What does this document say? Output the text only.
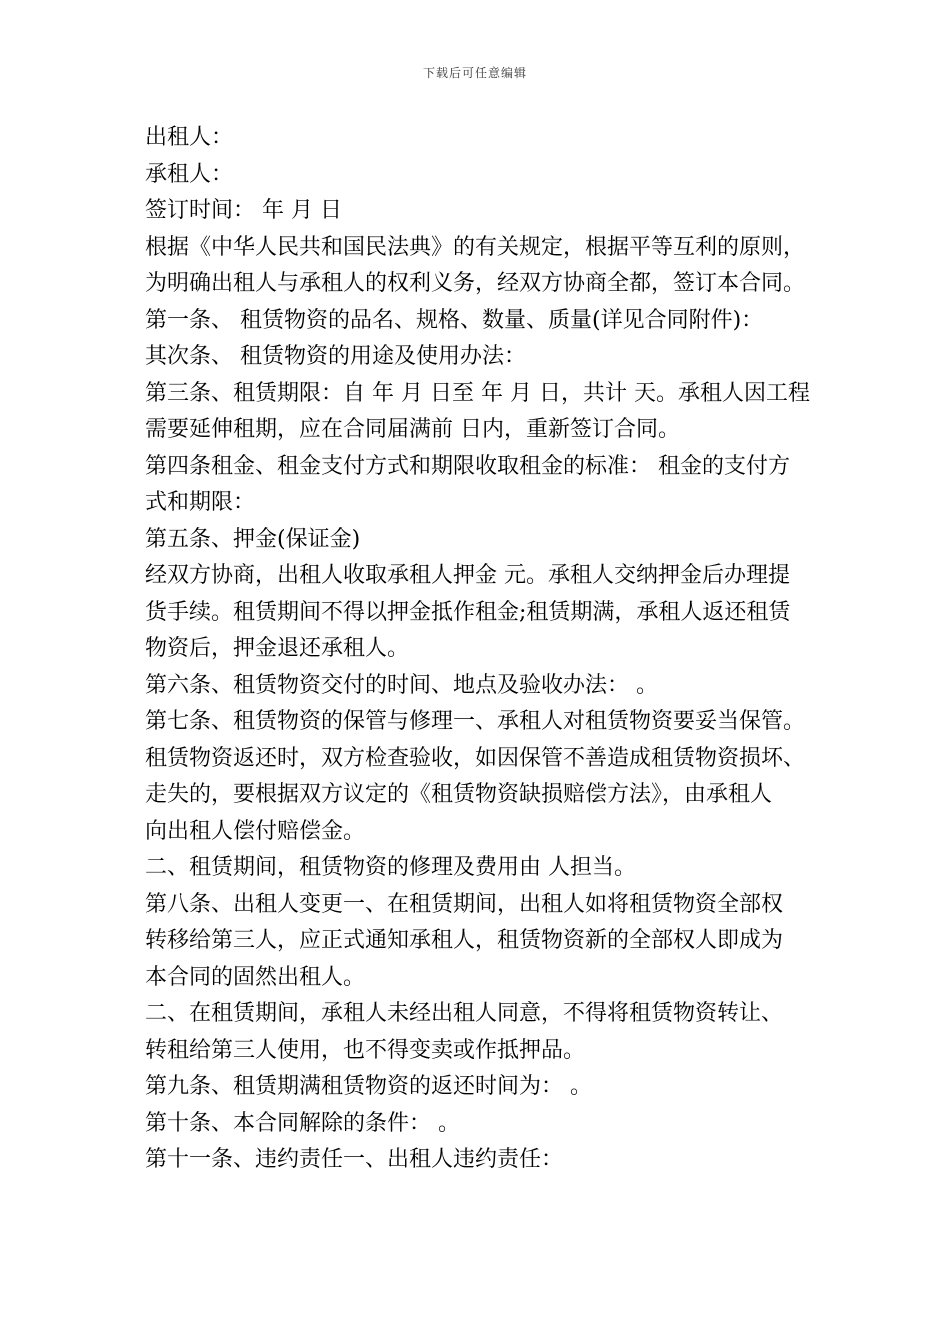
下载后可任意编辑
出租人：
承租人：
签订时间： 年 月 日
根据《中华人民共和国民法典》的有关规定，根据平等互利的原则，
为明确出租人与承租人的权利义务，经双方协商全都，签订本合同。
第一条、 租赁物资的品名、规格、数量、质量(详见合同附件)：
其次条、 租赁物资的用途及使用办法：
第三条、租赁期限：自 年 月 日至 年 月 日，共计 天。承租人因工程
需要延伸租期，应在合同届满前 日内，重新签订合同。
第四条租金、租金支付方式和期限收取租金的标准： 租金的支付方
式和期限：
第五条、押金(保证金)
经双方协商，出租人收取承租人押金 元。承租人交纳押金后办理提
货手续。租赁期间不得以押金抵作租金;租赁期满，承租人返还租赁
物资后，押金退还承租人。
第六条、租赁物资交付的时间、地点及验收办法： 。
第七条、租赁物资的保管与修理一、承租人对租赁物资要妥当保管。
租赁物资返还时，双方检查验收，如因保管不善造成租赁物资损坏、
走失的，要根据双方议定的《租赁物资缺损赔偿方法》，由承租人
向出租人偿付赔偿金。
二、租赁期间，租赁物资的修理及费用由 人担当。
第八条、出租人变更一、在租赁期间，出租人如将租赁物资全部权
转移给第三人，应正式通知承租人，租赁物资新的全部权人即成为
本合同的固然出租人。
二、在租赁期间，承租人未经出租人同意，不得将租赁物资转让、
转租给第三人使用，也不得变卖或作抵押品。
第九条、租赁期满租赁物资的返还时间为： 。
第十条、本合同解除的条件： 。
第十一条、违约责任一、出租人违约责任：
